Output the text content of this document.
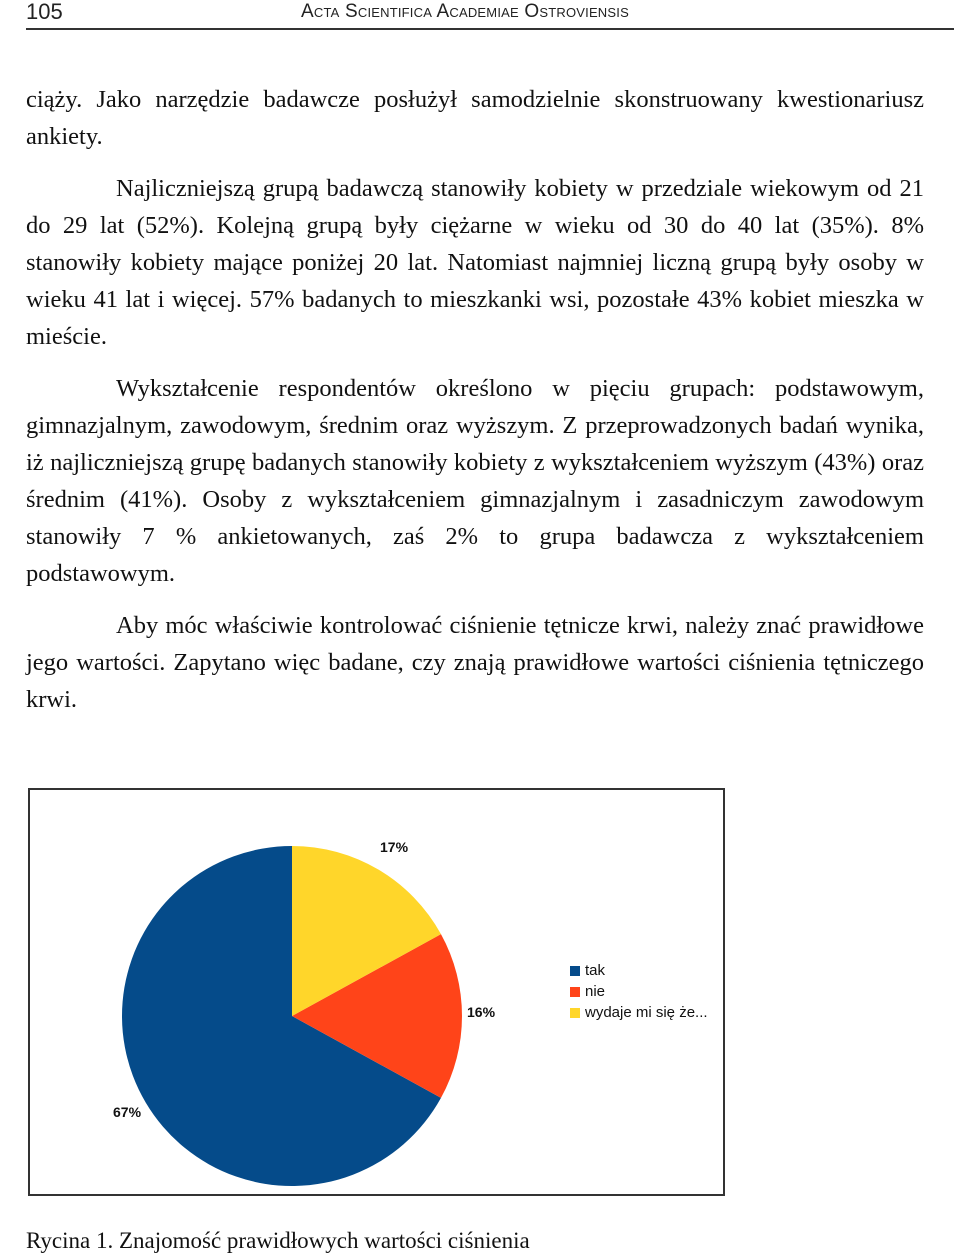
105	Acta Scientifica Academiae Ostroviensis

ciąży. Jako narzędzie badawcze posłużył samodzielnie skonstruowany kwestionariusz ankiety.

Najliczniejszą grupą badawczą stanowiły kobiety w przedziale wiekowym od 21 do 29 lat (52%). Kolejną grupą były ciężarne w wieku od 30 do 40 lat (35%). 8% stanowiły kobiety mające poniżej 20 lat. Natomiast najmniej liczną grupą były osoby w wieku 41 lat i więcej. 57% badanych to mieszkanki wsi, pozostałe 43% kobiet mieszka w mieście.

Wykształcenie respondentów określono w pięciu grupach: podstawowym, gimnazjalnym, zawodowym, średnim oraz wyższym. Z przeprowadzonych badań wynika, iż najliczniejszą grupę badanych stanowiły kobiety z wykształceniem wyższym (43%) oraz średnim (41%). Osoby z wykształceniem gimnazjalnym i zasadniczym zawodowym stanowiły 7 % ankietowanych, zaś 2% to grupa badawcza z wykształceniem podstawowym.

Aby móc właściwie kontrolować ciśnienie tętnicze krwi, należy znać prawidłowe jego wartości. Zapytano więc badane, czy znają prawidłowe wartości ciśnienia tętniczego krwi.

67%
16%
17%
tak
nie
wydaje mi się że...
Rycina 1. Znajomość prawidłowych wartości ciśnienia
